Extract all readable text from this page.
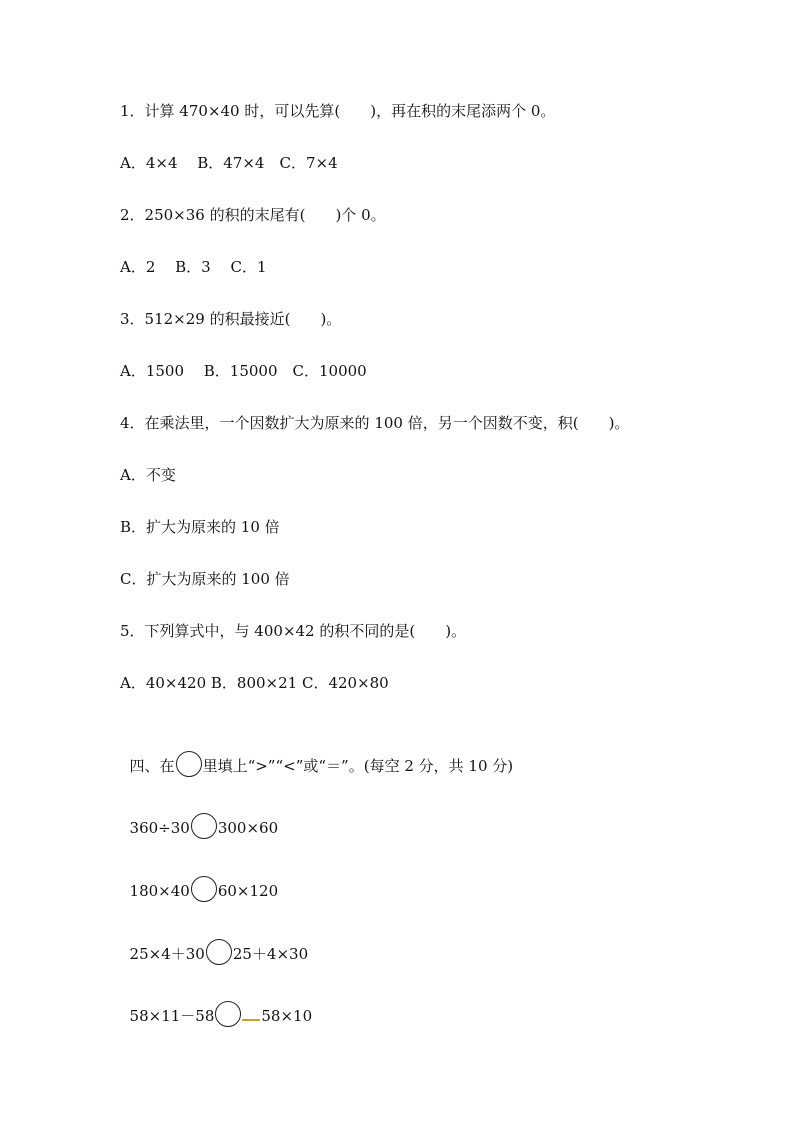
1．计算 470×40 时，可以先算(　　)，再在积的末尾添两个 0。
A．4×4　 B．47×4　C．7×4
2．250×36 的积的末尾有(　　)个 0。
A．2　 B．3　 C．1
3．512×29 的积最接近(　　)。
A．1500　 B．15000　C．10000
4．在乘法里，一个因数扩大为原来的 100 倍，另一个因数不变，积(　　)。
A．不变
B．扩大为原来的 10 倍
C．扩大为原来的 100 倍
5．下列算式中，与 400×42 的积不同的是(　　)。
A．40×420 B．800×21 C．420×80

四、在 里填上“>”“<”或“＝”。(每空 2 分，共 10 分)

360÷30 300×60

180×40 60×120

25×4＋30 25＋4×30

58×11－58	58×10
